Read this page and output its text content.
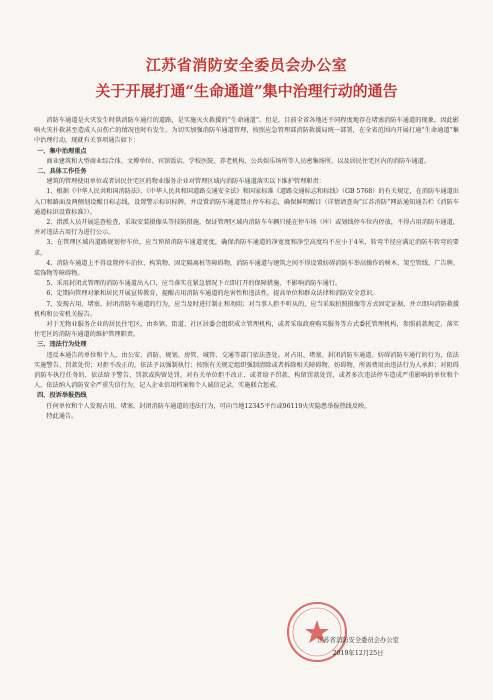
江苏省消防安全委员会办公室
关于开展打通“生命通道”集中治理行动的通告

消防车通道是火灾发生时供消防车通行的道路，是实施灭火救援的“生命通道”。但是，目前全省各地还不同程度地存在堵塞消防车通道的现象，因此影响火灾扑救甚至造成人员伤亡的情况也时有发生。为切实加强消防车通道管理，按照应急管理部消防救援局统一部署，在全省范围内开展打通“生命通道”集中治理行动，现就有关事项通告如下：

一、集中治理重点

商业建筑和大型商业综合体、文博单位、宾馆饭店、学校医院、养老机构、公共娱乐场所等人员密集场所，以及居民住宅区内的消防车通道。

二、具体工作任务

建筑的管理使用单位或者居民住宅区的物业服务企业对管理区域内消防车通道落实以下维护管理职责：

1、根据《中华人民共和国消防法》、《中华人民共和国道路交通安全法》和国家标准《道路交通标志和标线》（GB 5768）的有关规定，在消防车通道出入口和路面及两侧划设醒目标志线，设置警示标识标牌，并设置消防车通道禁止停车标志，确保鲜明醒目（详情请查询“江苏消防”网站通知通告栏《消防车通道标识设置标准》）。

2、指派人员开展巡查检查，采取安装摄像头等技防措施，保证管理区域内消防车车辆只能在停车场（库）或划线停车位内停放，不得占用消防车通道，并对违法占用行为进行公示。

3、在管理区域内道路规划停车位，应当预留消防车通道宽度，确保消防车通道的净宽度和净空高度均不应小于4米，转弯半径应满足消防车转弯的要求。

4、消防车通道上不得设置停车泊位、构筑物、固定隔离桩等障碍物，消防车通道与建筑之间不得设置妨碍消防车举高操作的树木、架空管线、广告牌、装饰物等障碍物。

5、采用封闭式管理的消防车通道出入口，应当落实在紧急情况下立即打开的保障措施，不影响消防车通行。

6、定期向管理对象和居民开展宣传教育，提醒占用消防车通道的危害性和违法性，提高单位和群众法律和消防安全意识。

7、发现占用、堵塞、封闭消防车通道的行为，应当及时进行制止和劝阻；对当事人拒不听从的，应当采取拍照摄像等方式固定证据，并立即向消防救援机构和公安机关报告。

对于无物业服务企业的居民住宅区，由乡镇、街道、社区居委会组织成立管理机构，或者采取政府购买服务等方式委托管理机构，参照前款规定，落实住宅区的消防车通道的维护管理职责。

三、违法行为处理

违反本通告的单位和个人，由公安、消防、规划、房管、城管、交通等部门依法查处。对占用、堵塞、封闭消防车通道、妨碍消防车通行的行为，依法实施警告、罚款处罚；对拒不改正的，依法予以强制执行；按照有关规定组织强制清除或者拆除相关障碍物、妨碍物，所需费用由违法行为人承担；对阻碍消防车执行任务的，依法给予警告、罚款或拘留处罚。对有关单位拒不改正、或者给予罚款、构留罚款处罚，或者多次违法停车造成严重影响的单位和个人，依法纳入消防安全严重失信行为，记入企业信用档案和个人诚信记录，实施联合惩戒。

四、投诉举报热线

任何单位和个人发现占用、堵塞、封闭消防车通道的违法行为，可向当地12345平台或96119火灾隐患举报热线反映。

特此通告。

江苏省消防安全委员会办公室
2019年12月25日
